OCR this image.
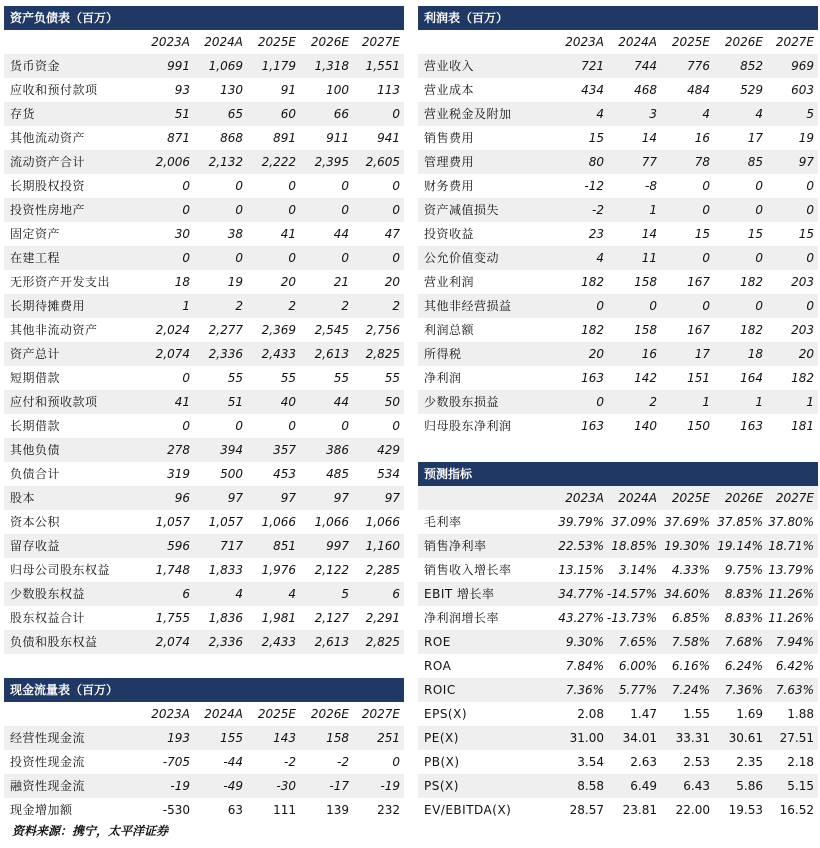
资产负债表（百万）
2023A 2024A 2025E 2026E 2027E
货币资金	991 1,069 1,179 1,318 1,551
应收和预付款项	93	130	91	100 113
存货	51	65	60	66	0
其他流动资产	871	868	891	911 941
流动资产合计	2,006 2,132 2,222 2,395 2,605
长期股权投资	0	0	0	0	0
投资性房地产	0	0	0	0	0
固定资产	30	38	41	44	47
在建工程	0	0	0	0	0
无形资产开发支出	18	19	20	21	20
长期待摊费用	1	2	2	2	2
其他非流动资产	2,024 2,277 2,369 2,545 2,756
资产总计	2,074 2,336 2,433 2,613 2,825
短期借款	0	55	55	55	55
应付和预收款项	41	51	40	44	50
长期借款	0	0	0	0	0
其他负债	278	394	357	386 429
负债合计	319	500	453	485 534
股本	96	97	97	97	97
资本公积	1,057 1,057 1,066 1,066 1,066
留存收益	596	717	851	997 1,160
归母公司股东权益	1,748 1,833 1,976 2,122 2,285
少数股东权益	6	4	4	5	6
股东权益合计	1,755 1,836 1,981 2,127 2,291
负债和股东权益	2,074 2,336 2,433 2,613 2,825
利润表（百万）
2023A 2024A 2025E 2026E 2027E
营业收入	721	744	776	852 969
营业成本	434	468	484	529 603
营业税金及附加	4	3	4	4	5
销售费用	15	14	16	17	19
管理费用	80	77	78	85	97
财务费用	-12	-8	0	0	0
资产减值损失	-2	1	0	0	0
投资收益	23	14	15	15	15
公允价值变动	4	11	0	0	0
营业利润	182	158	167	182 203
其他非经营损益	0	0	0	0	0
利润总额	182	158	167	182 203
所得税	20	16	17	18	20
净利润	163	142	151	164 182
少数股东损益	0	2	1	1	1
归母股东净利润	163	140	150	163 181
预测指标
2023A 2024A 2025E 2026E 2027E
毛利率	39.79% 37.09% 37.69% 37.85% 37.80%
销售净利率	22.53% 18.85% 19.30% 19.14% 18.71%
销售收入增长率	13.15% 3.14% 4.33% 9.75% 13.79%
EBIT 增长率	34.77% -14.57% 34.60% 8.83% 11.26%
净利润增长率	43.27% -13.73% 6.85% 8.83% 11.26%
ROE	9.30% 7.65% 7.58% 7.68% 7.94%
ROA	7.84% 6.00% 6.16% 6.24% 6.42%
ROIC	7.36% 5.77% 7.24% 7.36% 7.63%
EPS(X)	2.08 1.47 1.55 1.69 1.88
PE(X)	31.00 34.01 33.31 30.61 27.51
PB(X)	3.54 2.63 2.53 2.35 2.18
PS(X)	8.58 6.49 6.43 5.86 5.15
EV/EBITDA(X)	28.57 23.81 22.00 19.53 16.52
现金流量表（百万）
2023A 2024A 2025E 2026E 2027E
经营性现金流	193	155	143	158 251
投资性现金流	-705	-44	-2	-2	0
融资性现金流	-19	-49	-30	-17	-19
现金增加额	-530	63	111	139 232
资料来源：携宁，太平洋证券
